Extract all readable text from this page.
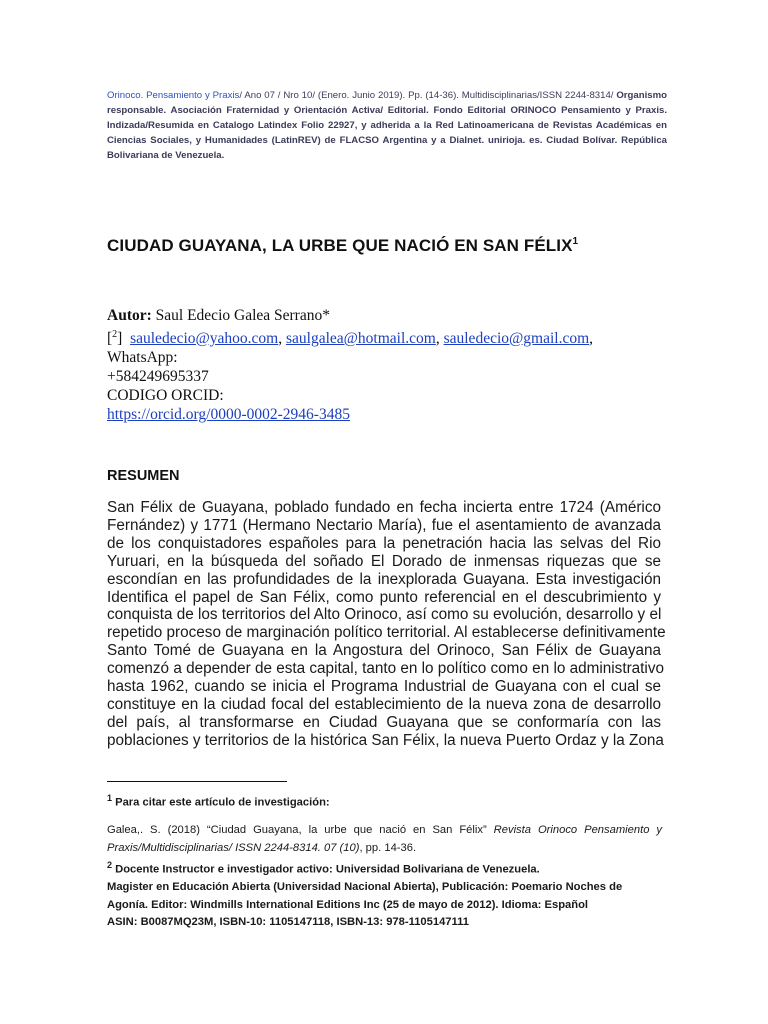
Orinoco. Pensamiento y Praxis/ Ano 07 / Nro 10/ (Enero. Junio 2019). Pp. (14-36). Multidisciplinarias/ISSN 2244-8314/ Organismo responsable. Asociación Fraternidad y Orientación Activa/ Editorial. Fondo Editorial ORINOCO Pensamiento y Praxis. Indizada/Resumida en Catalogo Latindex Folio 22927, y adherida a la Red Latinoamericana de Revistas Académicas en Ciencias Sociales, y Humanidades (LatinREV) de FLACSO Argentina y a Dialnet. unirioja. es. Ciudad Bolívar. República Bolivariana de Venezuela.
CIUDAD GUAYANA, LA URBE QUE NACIÓ EN SAN FÉLIX$^1$
Autor: Saul Edecio Galea Serrano*
[$^2$] sauledecio@yahoo.com, saulgalea@hotmail.com, sauledecio@gmail.com, WhatsApp:
+584249695337
CODIGO ORCID:
https://orcid.org/0000-0002-2946-3485
RESUMEN
San Félix de Guayana, poblado fundado en fecha incierta entre 1724 (Américo
Fernández) y 1771 (Hermano Nectario María), fue el asentamiento de avanzada
de los conquistadores españoles para la penetración hacia las selvas del Rio
Yuruari, en la búsqueda del soñado El Dorado de inmensas riquezas que se
escondían en las profundidades de la inexplorada Guayana. Esta investigación
Identifica el papel de San Félix, como punto referencial en el descubrimiento y
conquista de los territorios del Alto Orinoco, así como su evolución, desarrollo y el
repetido proceso de marginación político territorial. Al establecerse definitivamente
Santo Tomé de Guayana en la Angostura del Orinoco, San Félix de Guayana
comenzó a depender de esta capital, tanto en lo político como en lo administrativo
hasta 1962, cuando se inicia el Programa Industrial de Guayana con el cual se
constituye en la ciudad focal del establecimiento de la nueva zona de desarrollo
del país, al transformarse en Ciudad Guayana que se conformaría con las
poblaciones y territorios de la histórica San Félix, la nueva Puerto Ordaz y la Zona
$^1$ Para citar este artículo de investigación:
Galea,. S. (2018) “Ciudad Guayana, la urbe que nació en San Félix” Revista Orinoco Pensamiento y Praxis/Multidisciplinarias/ ISSN 2244-8314. 07 (10), pp. 14-36.
$^2$ Docente Instructor e investigador activo: Universidad Bolivariana de Venezuela.
Magister en Educación Abierta (Universidad Nacional Abierta), Publicación: Poemario Noches de
Agonía. Editor: Windmills International Editions Inc (25 de mayo de 2012). Idioma: Español
ASIN: B0087MQ23M, ISBN-10: 1105147118, ISBN-13: 978-1105147111
